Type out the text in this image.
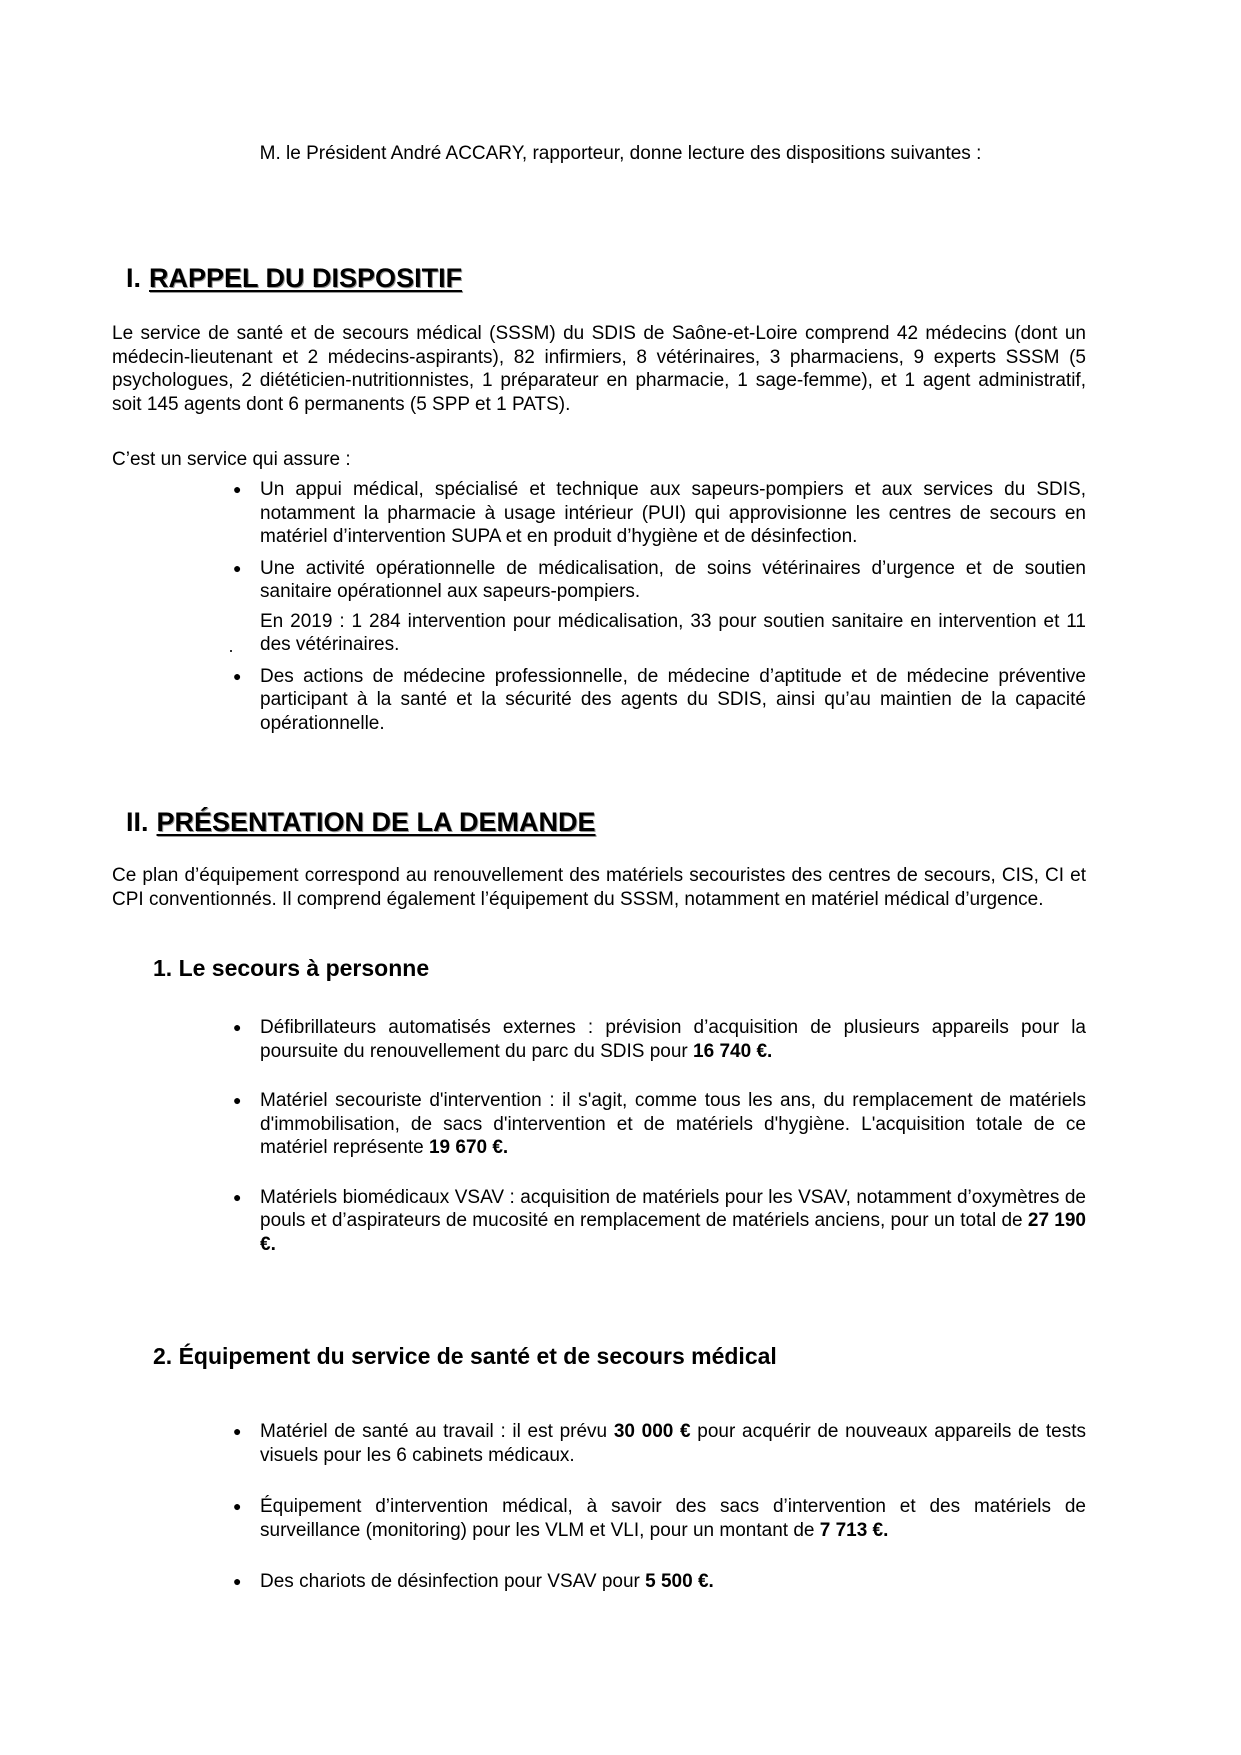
M. le Président André ACCARY, rapporteur, donne lecture des dispositions suivantes :
I. RAPPEL DU DISPOSITIF
Le service de santé et de secours médical (SSSM) du SDIS de Saône-et-Loire comprend 42 médecins (dont un médecin-lieutenant et 2 médecins-aspirants), 82 infirmiers, 8 vétérinaires, 3 pharmaciens, 9 experts SSSM (5 psychologues, 2 diététicien-nutritionnistes, 1 préparateur en pharmacie, 1 sage-femme), et 1 agent administratif, soit 145 agents dont 6 permanents (5 SPP et 1 PATS).
C’est un service qui assure :
● Un appui médical, spécialisé et technique aux sapeurs-pompiers et aux services du SDIS, notamment la pharmacie à usage intérieur (PUI) qui approvisionne les centres de secours en matériel d’intervention SUPA et en produit d’hygiène et de désinfection.

● Une activité opérationnelle de médicalisation, de soins vétérinaires d’urgence et de soutien sanitaire opérationnel aux sapeurs-pompiers.

En 2019 : 1 284 intervention pour médicalisation, 33 pour soutien sanitaire en intervention et 11 des vétérinaires.

● Des actions de médecine professionnelle, de médecine d’aptitude et de médecine préventive participant à la santé et la sécurité des agents du SDIS, ainsi qu’au maintien de la capacité opérationnelle.

II. PRÉSENTATION DE LA DEMANDE
Ce plan d’équipement correspond au renouvellement des matériels secouristes des centres de secours, CIS, CI et CPI conventionnés. Il comprend également l’équipement du SSSM, notamment en matériel médical d’urgence.
1. Le secours à personne
● Défibrillateurs automatisés externes : prévision d’acquisition de plusieurs appareils pour la poursuite du renouvellement du parc du SDIS pour 16 740 €.

● Matériel secouriste d'intervention : il s'agit, comme tous les ans, du remplacement de matériels d'immobilisation, de sacs d'intervention et de matériels d'hygiène. L'acquisition totale de ce matériel représente 19 670 €.

● Matériels biomédicaux VSAV : acquisition de matériels pour les VSAV, notamment d’oxymètres de pouls et d’aspirateurs de mucosité en remplacement de matériels anciens, pour un total de 27 190 €.

2. Équipement du service de santé et de secours médical
● Matériel de santé au travail : il est prévu 30 000 € pour acquérir de nouveaux appareils de tests visuels pour les 6 cabinets médicaux.

● Équipement d’intervention médical, à savoir des sacs d’intervention et des matériels de surveillance (monitoring) pour les VLM et VLI, pour un montant de 7 713 €.

● Des chariots de désinfection pour VSAV pour 5 500 €.
